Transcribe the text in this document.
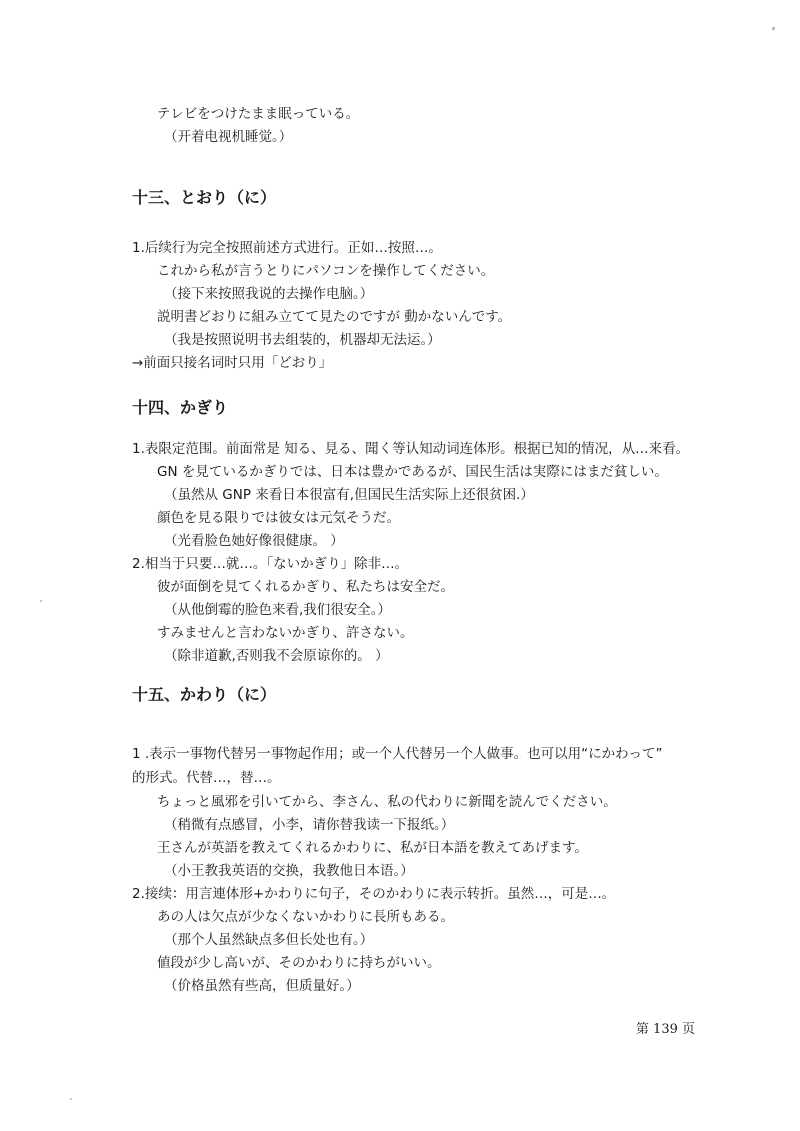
テレビをつけたまま眠っている。
（开着电视机睡觉。）
十三、とおり（に）
1.后续行为完全按照前述方式进行。正如…按照…。
これから私が言うとりにパソコンを操作してください。
（接下来按照我说的去操作电脑。）
説明書どおりに組み立てて見たのですが 動かないんです。
（我是按照说明书去组装的，机器却无法运。）
→前面只接名词时只用「どおり」
十四、かぎり
1.表限定范围。前面常是 知る、見る、聞く等认知动词连体形。根据已知的情况，从…来看。
GN を見ているかぎりでは、日本は豊かであるが、国民生活は実際にはまだ貧しい。
（虽然从 GNP 来看日本很富有,但国民生活实际上还很贫困.）
顔色を見る限りでは彼女は元気そうだ。
（光看脸色她好像很健康。 ）
2.相当于只要…就…。「ないかぎり」除非…。
彼が面倒を見てくれるかぎり、私たちは安全だ。
（从他倒霉的脸色来看,我们很安全。）
すみませんと言わないかぎり、許さない。
（除非道歉,否则我不会原谅你的。 ）
十五、かわり（に）
1 .表示一事物代替另一事物起作用；或一个人代替另一个人做事。也可以用“にかわって”
的形式。代替…，替…。
ちょっと風邪を引いてから、李さん、私の代わりに新聞を読んでください。
（稍微有点感冒，小李，请你替我读一下报纸。）
王さんが英語を教えてくれるかわりに、私が日本語を教えてあげます。
（小王教我英语的交换，我教他日本语。）
2.接续：用言連体形+かわりに句子，そのかわりに表示转折。虽然…，可是…。
あの人は欠点が少なくないかわりに長所もある。
（那个人虽然缺点多但长处也有。）
値段が少し高いが、そのかわりに持ちがいい。
（价格虽然有些高，但质量好。）
第 139 页
